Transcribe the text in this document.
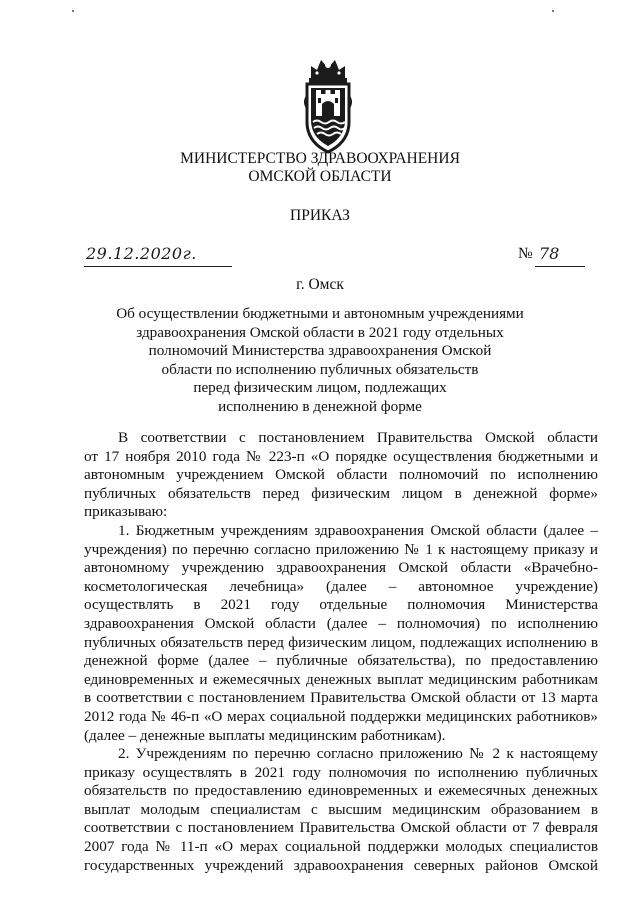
МИНИСТЕРСТВО ЗДРАВООХРАНЕНИЯ
ОМСКОЙ ОБЛАСТИ
ПРИКАЗ
29.12.2020г.	№ 78
г. Омск
Об осуществлении бюджетными и автономным учреждениями
здравоохранения Омской области в 2021 году отдельных
полномочий Министерства здравоохранения Омской
области по исполнению публичных обязательств
перед физическим лицом, подлежащих
исполнению в денежной форме
В соответствии с постановлением Правительства Омской области
от 17 ноября 2010 года № 223-п «О порядке осуществления бюджетными и
автономным учреждением Омской области полномочий по исполнению
публичных обязательств перед физическим лицом в денежной форме»
приказываю:
1. Бюджетным учреждениям здравоохранения Омской области (далее –
учреждения) по перечню согласно приложению № 1 к настоящему приказу и
автономному учреждению здравоохранения Омской области «Врачебно-
косметологическая лечебница» (далее – автономное учреждение)
осуществлять в 2021 году отдельные полномочия Министерства
здравоохранения Омской области (далее – полномочия) по исполнению
публичных обязательств перед физическим лицом, подлежащих исполнению в
денежной форме (далее – публичные обязательства), по предоставлению
единовременных и ежемесячных денежных выплат медицинским работникам
в соответствии с постановлением Правительства Омской области от 13 марта
2012 года № 46-п «О мерах социальной поддержки медицинских работников»
(далее – денежные выплаты медицинским работникам).
2. Учреждениям по перечню согласно приложению № 2 к настоящему
приказу осуществлять в 2021 году полномочия по исполнению публичных
обязательств по предоставлению единовременных и ежемесячных денежных
выплат молодым специалистам с высшим медицинским образованием в
соответствии с постановлением Правительства Омской области от 7 февраля
2007 года № 11-п «О мерах социальной поддержки молодых специалистов
государственных учреждений здравоохранения северных районов Омской
